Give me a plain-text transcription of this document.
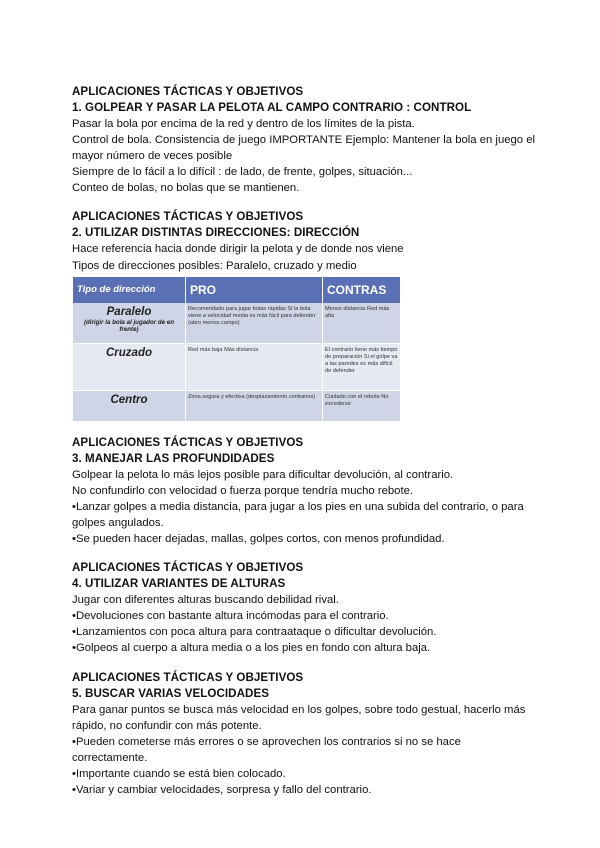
APLICACIONES TÁCTICAS Y OBJETIVOS
1. GOLPEAR Y PASAR LA PELOTA AL CAMPO CONTRARIO : CONTROL
Pasar la bola por encima de la red y dentro de los límites de la pista.
Control de bola. Consistencia de juego IMPORTANTE Ejemplo: Mantener la bola en juego el
mayor número de veces posible
Siempre de lo fácil a lo difícil : de lado, de frente, golpes, situación...
Conteo de bolas, no bolas que se mantienen.
APLICACIONES TÁCTICAS Y OBJETIVOS
2. UTILIZAR DISTINTAS DIRECCIONES: DIRECCIÓN
Hace referencia hacia donde dirigir la pelota y de donde nos viene
Tipos de direcciones posibles: Paralelo, cruzado y medio
Tipo de dirección	PRO	CONTRAS

Paralelo
(dirigir la bola al jugador de en frente)	Recomendado para jugar bolas rápidas Si la bola viene a velocidad media es más fácil para defender (abro menos campo)	Menos distancia Red más alta

Cruzado	Red más baja Más distancia	El contrario tiene más tiempo de preparación Si el golpe va a las paredes es más difícil de defender

Centro	Zona segura y efectiva (desplazamiento contrarios)	Cuidado con el rebote No excederse
APLICACIONES TÁCTICAS Y OBJETIVOS
3. MANEJAR LAS PROFUNDIDADES
Golpear la pelota lo más lejos posible para dificultar devolución, al contrario.
No confundirlo con velocidad o fuerza porque tendría mucho rebote.
• Lanzar golpes a media distancia, para jugar a los pies en una subida del contrario, o para
golpes angulados.
• Se pueden hacer dejadas, mallas, golpes cortos, con menos profundidad.
APLICACIONES TÁCTICAS Y OBJETIVOS
4. UTILIZAR VARIANTES DE ALTURAS
Jugar con diferentes alturas buscando debilidad rival.
• Devoluciones con bastante altura incómodas para el contrario.
• Lanzamientos con poca altura para contraataque o dificultar devolución.
• Golpeos al cuerpo a altura media o a los pies en fondo con altura baja.
APLICACIONES TÁCTICAS Y OBJETIVOS
5. BUSCAR VARIAS VELOCIDADES
Para ganar puntos se busca más velocidad en los golpes, sobre todo gestual, hacerlo más
rápido, no confundir con más potente.
• Pueden cometerse más errores o se aprovechen los contrarios si no se hace
correctamente.
• Importante cuando se está bien colocado.
• Variar y cambiar velocidades, sorpresa y fallo del contrario.
